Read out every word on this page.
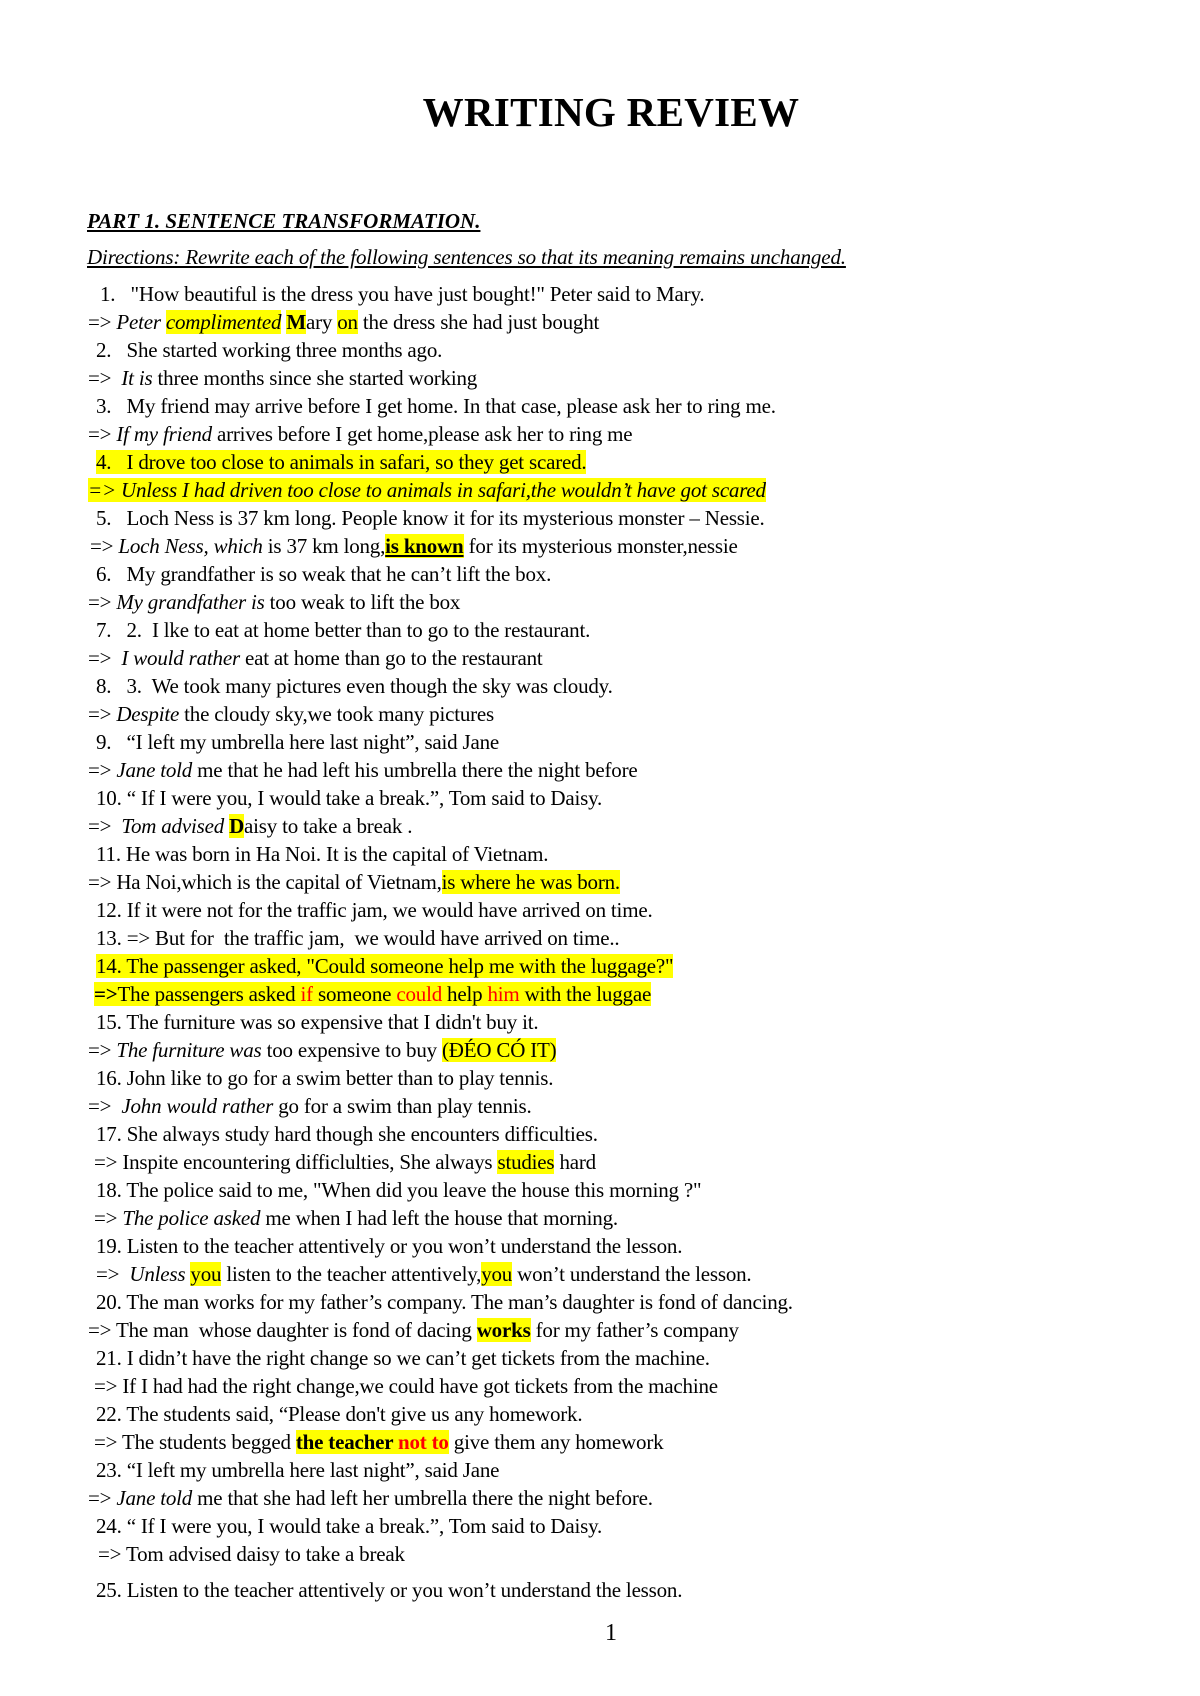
WRITING REVIEW
PART 1. SENTENCE TRANSFORMATION.
Directions: Rewrite each of the following sentences so that its meaning remains unchanged.
1.   "How beautiful is the dress you have just bought!" Peter said to Mary.
=> Peter complimented Mary on the dress she had just bought
2.   She started working three months ago.
=>  It is three months since she started working
3.   My friend may arrive before I get home. In that case, please ask her to ring me.
=> If my friend arrives before I get home,please ask her to ring me
4.   I drove too close to animals in safari, so they get scared.
=> Unless I had driven too close to animals in safari,the wouldn’t have got scared
5.   Loch Ness is 37 km long. People know it for its mysterious monster – Nessie.
=> Loch Ness, which is 37 km long,is known for its mysterious monster,nessie
6.   My grandfather is so weak that he can’t lift the box.
=> My grandfather is too weak to lift the box
7.   2.  I lke to eat at home better than to go to the restaurant.
=>  I would rather eat at home than go to the restaurant
8.   3.  We took many pictures even though the sky was cloudy.
=> Despite the cloudy sky,we took many pictures
9.   “I left my umbrella here last night”, said Jane
=> Jane told me that he had left his umbrella there the night before
10. “ If I were you, I would take a break.”, Tom said to Daisy.
=>  Tom advised Daisy to take a break .
11. He was born in Ha Noi. It is the capital of Vietnam.
=> Ha Noi,which is the capital of Vietnam,is where he was born.
12. If it were not for the traffic jam, we would have arrived on time.
13. => But for  the traffic jam,  we would have arrived on time..
14. The passenger asked, "Could someone help me with the luggage?"
=>The passengers asked if someone could help him with the luggae
15. The furniture was so expensive that I didn't buy it.
=> The furniture was too expensive to buy (ĐÉO CÓ IT)
16. John like to go for a swim better than to play tennis.
=>  John would rather go for a swim than play tennis.
17. She always study hard though she encounters difficulties.
=> Inspite encountering difficlulties, She always studies hard
18. The police said to me, "When did you leave the house this morning ?"
=> The police asked me when I had left the house that morning.
19. Listen to the teacher attentively or you won’t understand the lesson.
=>  Unless you listen to the teacher attentively,you won’t understand the lesson.
20. The man works for my father’s company. The man’s daughter is fond of dancing.
=> The man  whose daughter is fond of dacing works for my father’s company
21. I didn’t have the right change so we can’t get tickets from the machine.
=> If I had had the right change,we could have got tickets from the machine
22. The students said, “Please don't give us any homework.
=> The students begged the teacher not to give them any homework
23. “I left my umbrella here last night”, said Jane
=> Jane told me that she had left her umbrella there the night before.
24. “ If I were you, I would take a break.”, Tom said to Daisy.
=> Tom advised daisy to take a break
25. Listen to the teacher attentively or you won’t understand the lesson.
1
